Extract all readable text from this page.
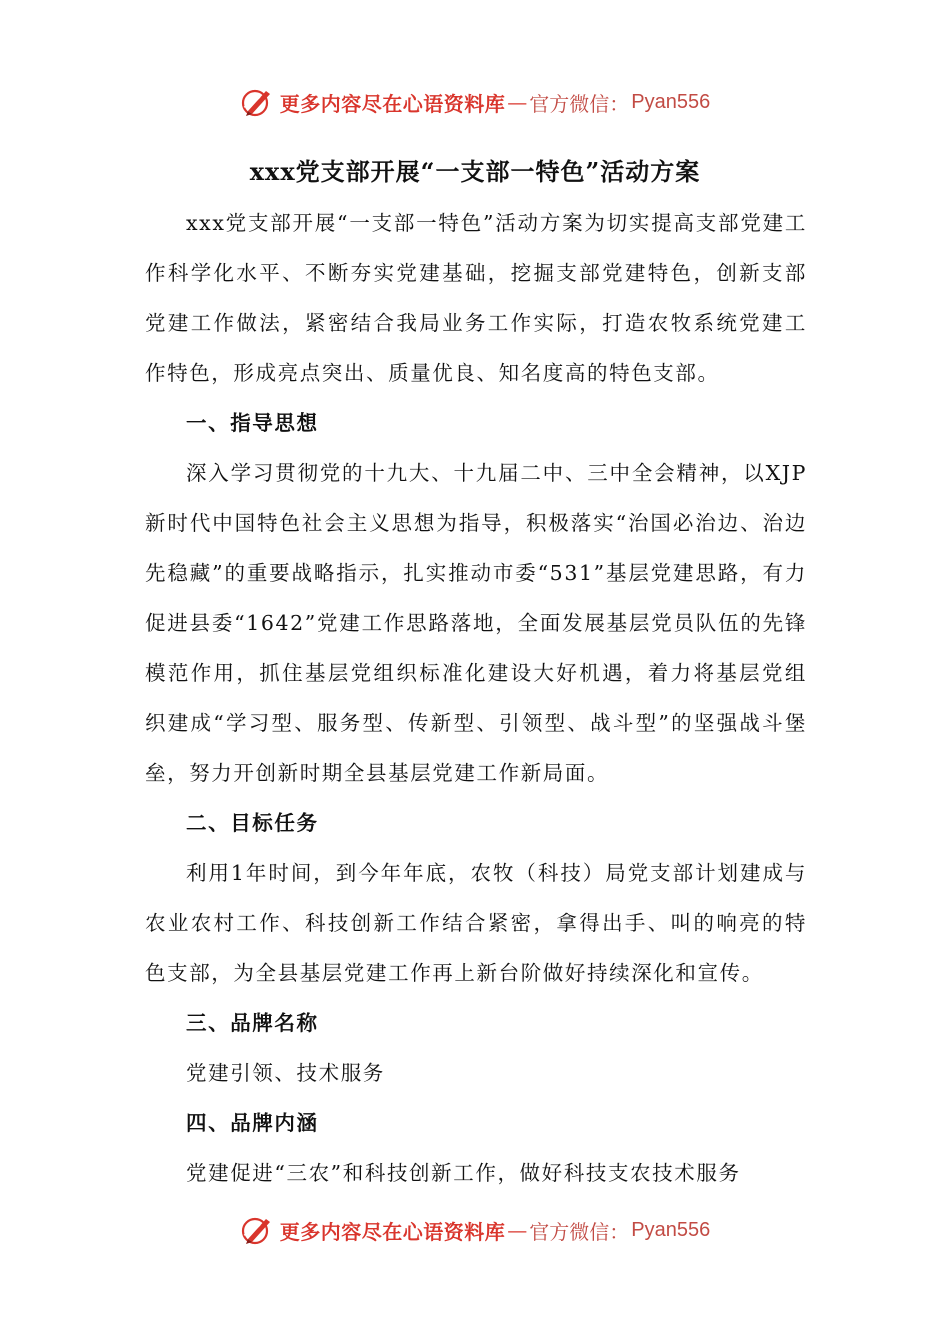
更多内容尽在心语资料库 — 官方微信： Pyan556
xxx党支部开展“一支部一特色”活动方案

xxx党支部开展“一支部一特色”活动方案为切实提高支部党建工作科学化水平、不断夯实党建基础，挖掘支部党建特色，创新支部党建工作做法，紧密结合我局业务工作实际，打造农牧系统党建工作特色，形成亮点突出、质量优良、知名度高的特色支部。

一、指导思想

深入学习贯彻党的十九大、十九届二中、三中全会精神，以XJP新时代中国特色社会主义思想为指导，积极落实“治国必治边、治边先稳藏”的重要战略指示，扎实推动市委“531”基层党建思路，有力促进县委“1642”党建工作思路落地，全面发展基层党员队伍的先锋模范作用，抓住基层党组织标准化建设大好机遇，着力将基层党组织建成“学习型、服务型、传新型、引领型、战斗型”的坚强战斗堡垒，努力开创新时期全县基层党建工作新局面。

二、目标任务

利用1年时间，到今年年底，农牧（科技）局党支部计划建成与农业农村工作、科技创新工作结合紧密，拿得出手、叫的响亮的特色支部，为全县基层党建工作再上新台阶做好持续深化和宣传。

三、品牌名称

党建引领、技术服务

四、品牌内涵

党建促进“三农”和科技创新工作，做好科技支农技术服务

更多内容尽在心语资料库 — 官方微信： Pyan556
